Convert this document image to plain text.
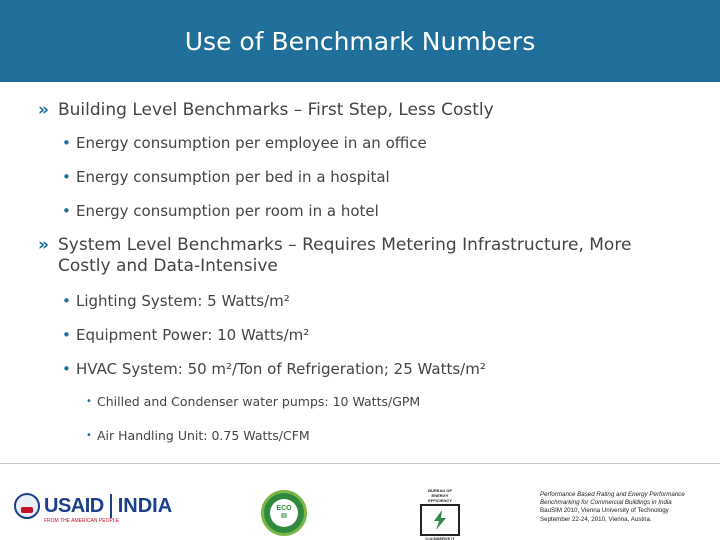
Use of Benchmark Numbers
» Building Level Benchmarks – First Step, Less Costly
• Energy consumption per employee in an office
• Energy consumption per bed in a hospital
• Energy consumption per room in a hotel
» System Level Benchmarks – Requires Metering Infrastructure, More Costly and Data-Intensive
• Lighting System: 5 Watts/m²
• Equipment Power: 10 Watts/m²
• HVAC System: 50 m²/Ton of Refrigeration; 25 Watts/m²
• Chilled and Condenser water pumps: 10 Watts/GPM
• Air Handling Unit: 0.75 Watts/CFM
USAID INDIA
FROM THE AMERICAN PEOPLE
ECO
III
BUREAU OF ENERGY EFFICIENCY
C•U•NSERVE IT
Performance Based Rating and Energy Performance Benchmarking for Commercial Buildings in India
BauSIM 2010, Vienna University of Technology
September 22-24, 2010, Vienna, Austria.
